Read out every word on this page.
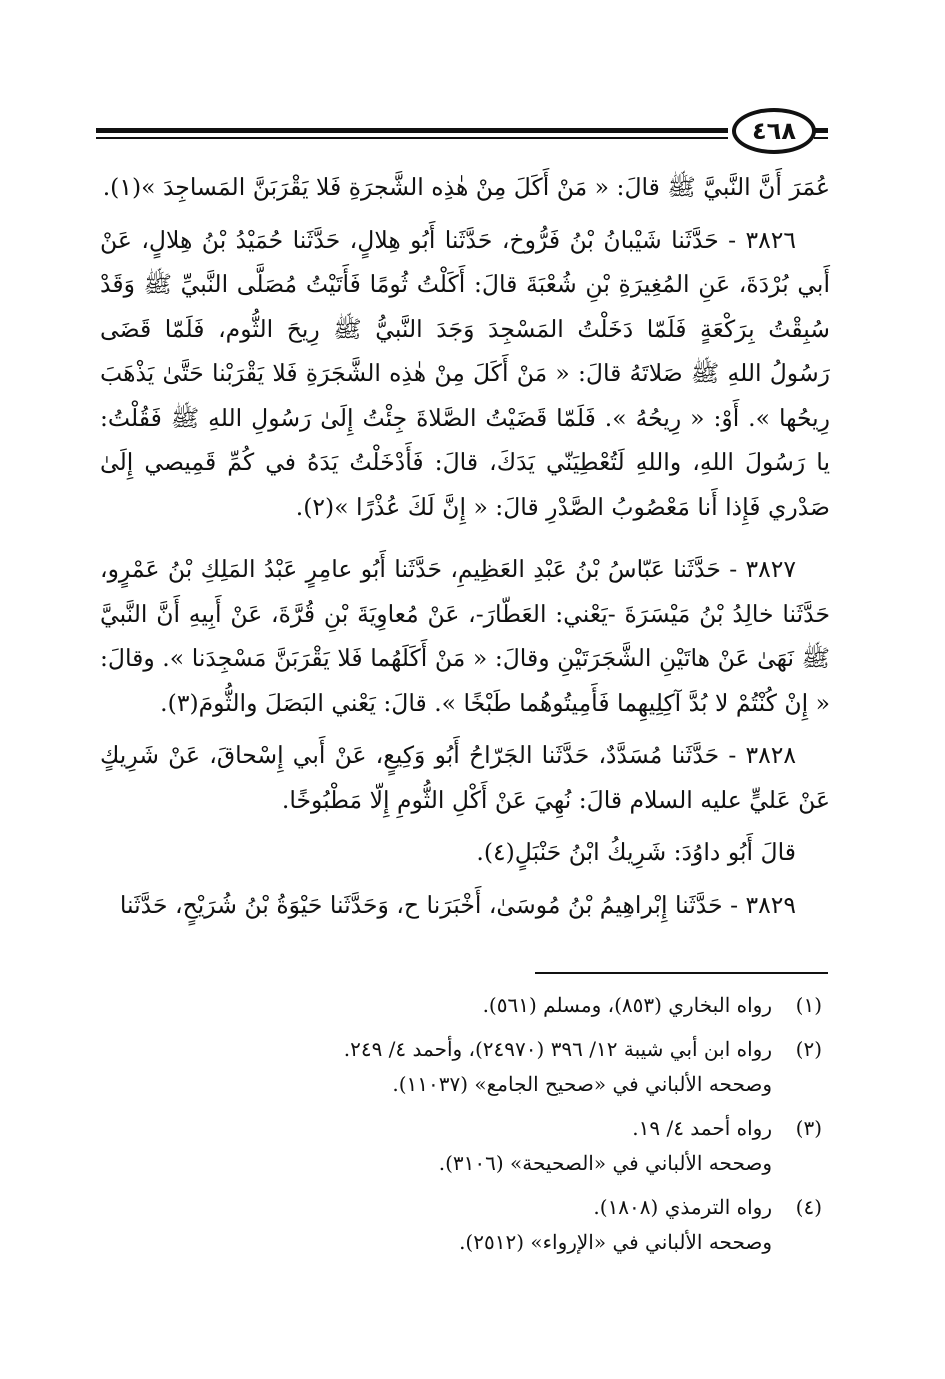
٤٦٨

عُمَرَ أَنَّ النَّبيَّ ﷺ قالَ: « مَنْ أَكَلَ مِنْ هٰذِه الشَّجرَةِ فَلا يَقْرَبَنَّ المَساجِدَ »(١).

٣٨٢٦ - حَدَّثَنا شَيْبانُ بْنُ فَرُّوخ، حَدَّثَنا أَبُو هِلالٍ، حَدَّثَنا حُمَيْدُ بْنُ هِلالٍ، عَنْ أَبي بُرْدَةَ، عَنِ المُغِيرَةِ بْنِ شُعْبَةَ قالَ: أَكَلْتُ ثُومًا فَأَتَيْتُ مُصَلَّى النَّبيِّ ﷺ وَقَدْ سُبِقْتُ بِرَكْعَةٍ فَلَمّا دَخَلْتُ المَسْجِدَ وَجَدَ النَّبيُّ ﷺ رِيحَ الثُّوم، فَلَمّا قَضَى رَسُولُ اللهِ ﷺ صَلاتَهُ قالَ: « مَنْ أَكَلَ مِنْ هٰذِه الشَّجَرَةِ فَلا يَقْرَبْنا حَتَّىٰ يَذْهَبَ رِيحُها ». أَوْ: « رِيحُهُ ». فَلَمّا قَضَيْتُ الصَّلاةَ جِئْتُ إِلَىٰ رَسُولِ اللهِ ﷺ فَقُلْتُ: يا رَسُولَ اللهِ، واللهِ لَتُعْطِيَنّي يَدَكَ، قالَ: فَأَدْخَلْتُ يَدَهُ في كُمِّ قَمِيصي إِلَىٰ صَدْري فَإِذا أَنا مَعْصُوبُ الصَّدْرِ قالَ: « إِنَّ لَكَ عُذْرًا »(٢).

٣٨٢٧ - حَدَّثَنا عَبّاسُ بْنُ عَبْدِ العَظِيمِ، حَدَّثَنا أَبُو عامِرٍ عَبْدُ المَلِكِ بْنُ عَمْرٍو، حَدَّثَنا خالِدُ بْنُ مَيْسَرَةَ -يَعْني: العَطّارَ-، عَنْ مُعاوِيَةَ بْنِ قُرَّةَ، عَنْ أَبِيهِ أَنَّ النَّبيَّ ﷺ نَهَىٰ عَنْ هاتَيْنِ الشَّجَرَتَيْنِ وقالَ: « مَنْ أَكَلَهُما فَلا يَقْرَبَنَّ مَسْجِدَنا ». وقالَ: « إِنْ كُنْتُمْ لا بُدَّ آكِلِيهِما فَأَمِيتُوهُما طَبْخًا ». قالَ: يَعْني البَصَلَ والثُّومَ(٣).

٣٨٢٨ - حَدَّثَنا مُسَدَّدٌ، حَدَّثَنا الجَرّاحُ أَبُو وَكِيعٍ، عَنْ أَبي إِسْحاقَ، عَنْ شَرِيكٍ عَنْ عَليٍّ عليه السلام قالَ: نُهِيَ عَنْ أَكْلِ الثُّومِ إِلّا مَطْبُوخًا.

قالَ أَبُو داوُدَ: شَرِيكُ ابْنُ حَنْبَلٍ(٤).

٣٨٢٩ - حَدَّثَنا إِبْراهِيمُ بْنُ مُوسَىٰ، أَخْبَرَنا ح، وَحَدَّثَنا حَيْوَةُ بْنُ شُرَيْحٍ، حَدَّثَنا

(١)
رواه البخاري (٨٥٣)، ومسلم (٥٦١).
(٢)
رواه ابن أبي شيبة ١٢/ ٣٩٦ (٢٤٩٧٠)، وأحمد ٤/ ٢٤٩.
وصححه الألباني في «صحيح الجامع» (١١٠٣٧).
(٣)
رواه أحمد ٤/ ١٩.
وصححه الألباني في «الصحيحة» (٣١٠٦).
(٤)
رواه الترمذي (١٨٠٨).
وصححه الألباني في «الإرواء» (٢٥١٢).
